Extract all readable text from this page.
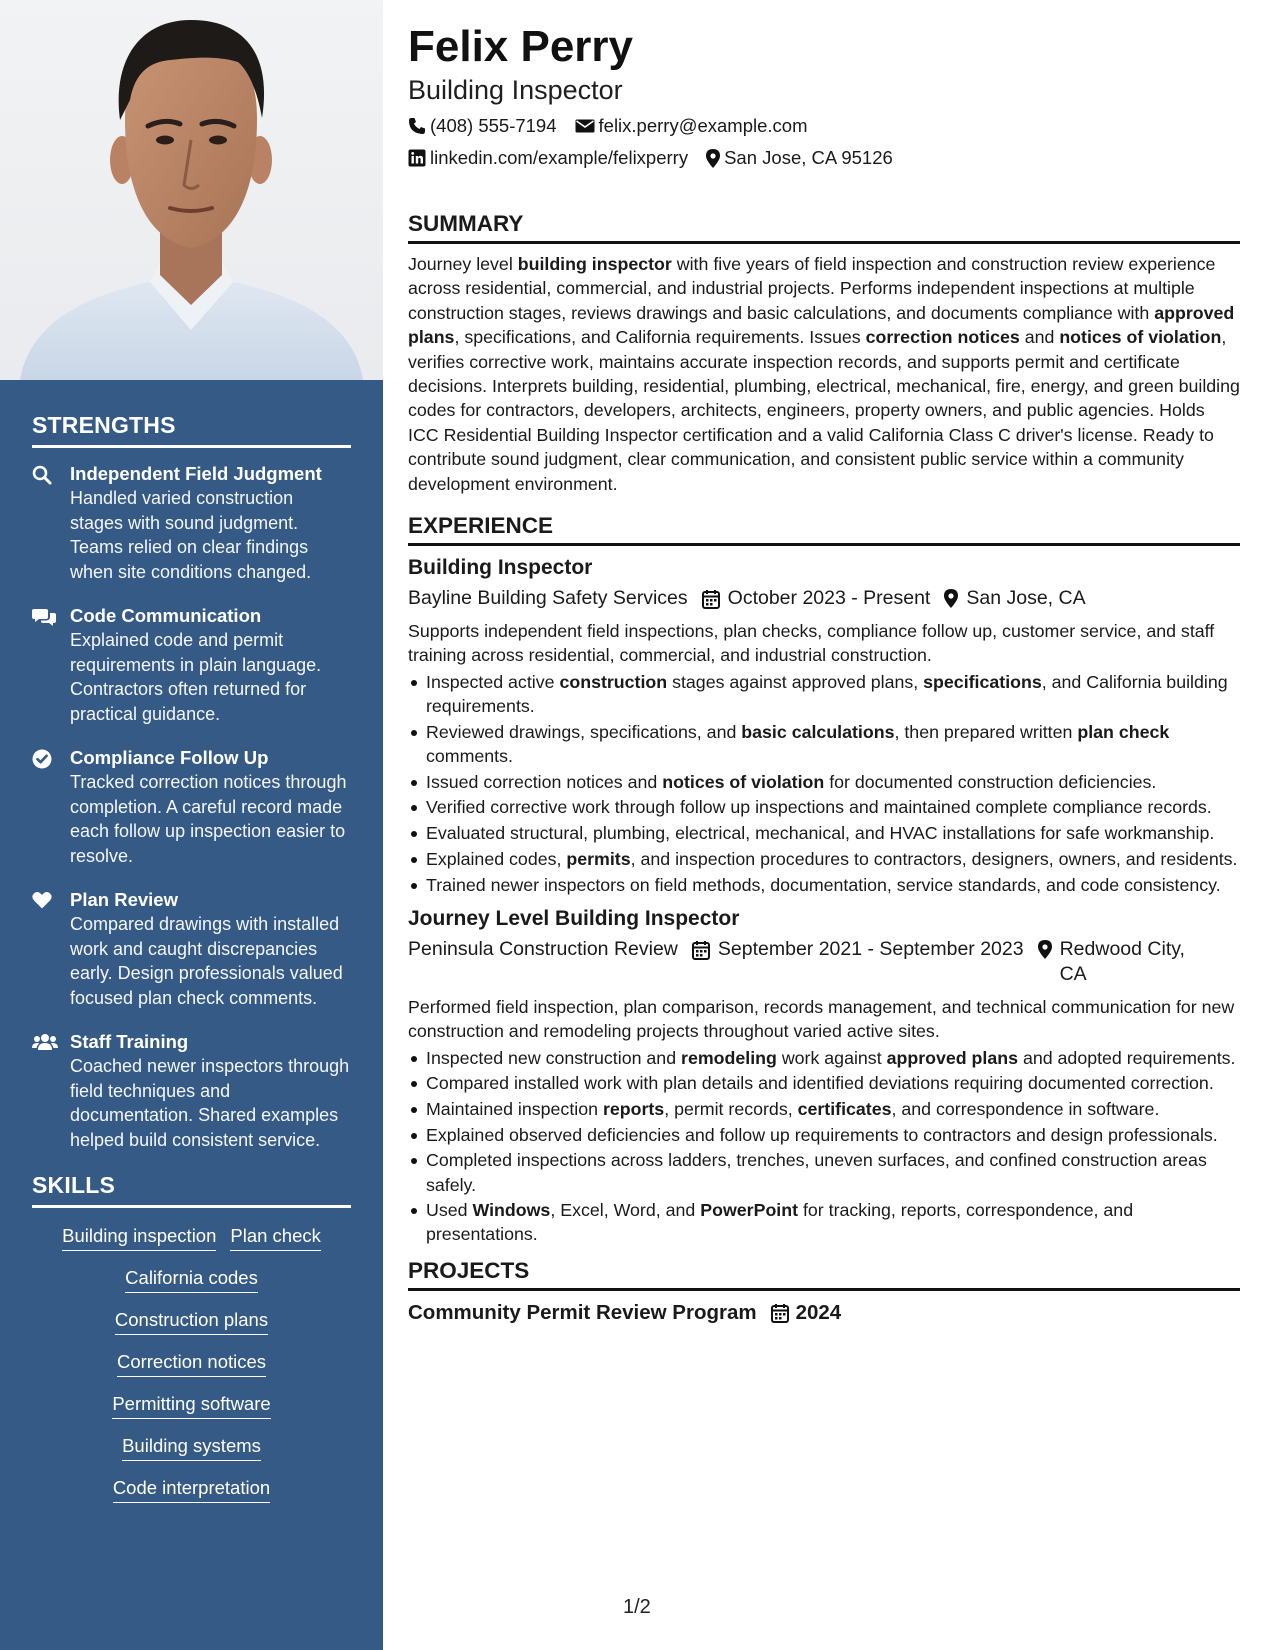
STRENGTHS
Independent Field Judgment
Handled varied construction stages with sound judgment. Teams relied on clear findings when site conditions changed.
Code Communication
Explained code and permit requirements in plain language. Contractors often returned for practical guidance.
Compliance Follow Up
Tracked correction notices through completion. A careful record made each follow up inspection easier to resolve.
Plan Review
Compared drawings with installed work and caught discrepancies early. Design professionals valued focused plan check comments.
Staff Training
Coached newer inspectors through field techniques and documentation. Shared examples helped build consistent service.
SKILLS
Building inspection Plan check
California codes
Construction plans
Correction notices
Permitting software
Building systems
Code interpretation
Felix Perry
Building Inspector
(408) 555-7194 felix.perry@example.com
linkedin.com/example/felixperry San Jose, CA 95126
SUMMARY

Journey level building inspector with five years of field inspection and construction review experience across residential, commercial, and industrial projects. Performs independent inspections at multiple construction stages, reviews drawings and basic calculations, and documents compliance with approved plans, specifications, and California requirements. Issues correction notices and notices of violation, verifies corrective work, maintains accurate inspection records, and supports permit and certificate decisions. Interprets building, residential, plumbing, electrical, mechanical, fire, energy, and green building codes for contractors, developers, architects, engineers, property owners, and public agencies. Holds ICC Residential Building Inspector certification and a valid California Class C driver's license. Ready to contribute sound judgment, clear communication, and consistent public service within a community development environment.

EXPERIENCE
Building Inspector
Bayline Building Safety Services October 2023 - Present San Jose, CA
Supports independent field inspections, plan checks, compliance follow up, customer service, and staff training across residential, commercial, and industrial construction.
Inspected active construction stages against approved plans, specifications, and California building requirements.
Reviewed drawings, specifications, and basic calculations, then prepared written plan check comments.
Issued correction notices and notices of violation for documented construction deficiencies.
Verified corrective work through follow up inspections and maintained complete compliance records.
Evaluated structural, plumbing, electrical, mechanical, and HVAC installations for safe workmanship.
Explained codes, permits, and inspection procedures to contractors, designers, owners, and residents.
Trained newer inspectors on field methods, documentation, service standards, and code consistency.
Journey Level Building Inspector
Peninsula Construction Review September 2021 - September 2023 Redwood City, CA
Performed field inspection, plan comparison, records management, and technical communication for new construction and remodeling projects throughout varied active sites.
Inspected new construction and remodeling work against approved plans and adopted requirements.
Compared installed work with plan details and identified deviations requiring documented correction.
Maintained inspection reports, permit records, certificates, and correspondence in software.
Explained observed deficiencies and follow up requirements to contractors and design professionals.
Completed inspections across ladders, trenches, uneven surfaces, and confined construction areas safely.
Used Windows, Excel, Word, and PowerPoint for tracking, reports, correspondence, and presentations.
PROJECTS
Community Permit Review Program 2024
1/2
